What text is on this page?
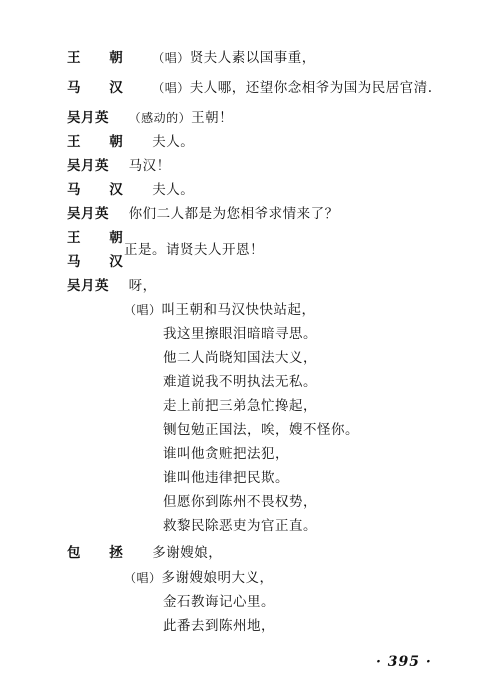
王 朝 （唱）贤夫人素以国事重，
马 汉 （唱）夫人哪，还望你念相爷为国为民居官清.
吴月英 （感动的）王朝！
王 朝 夫人。
吴月英 马汉！
马 汉 夫人。
吴月英 你们二人都是为您相爷求情来了？
王 朝
马 汉
正是。请贤夫人开恩！
吴月英 呀，
（唱）叫王朝和马汉快快站起，
我这里擦眼泪暗暗寻思。
他二人尚晓知国法大义，
难道说我不明执法无私。
走上前把三弟急忙搀起，
铡包勉正国法，唉，嫂不怪你。
谁叫他贪赃把法犯，
谁叫他违律把民欺。
但愿你到陈州不畏权势，
救黎民除恶吏为官正直。
包 拯 多谢嫂娘，
（唱）多谢嫂娘明大义，
金石教诲记心里。
此番去到陈州地，
· 395 ·
